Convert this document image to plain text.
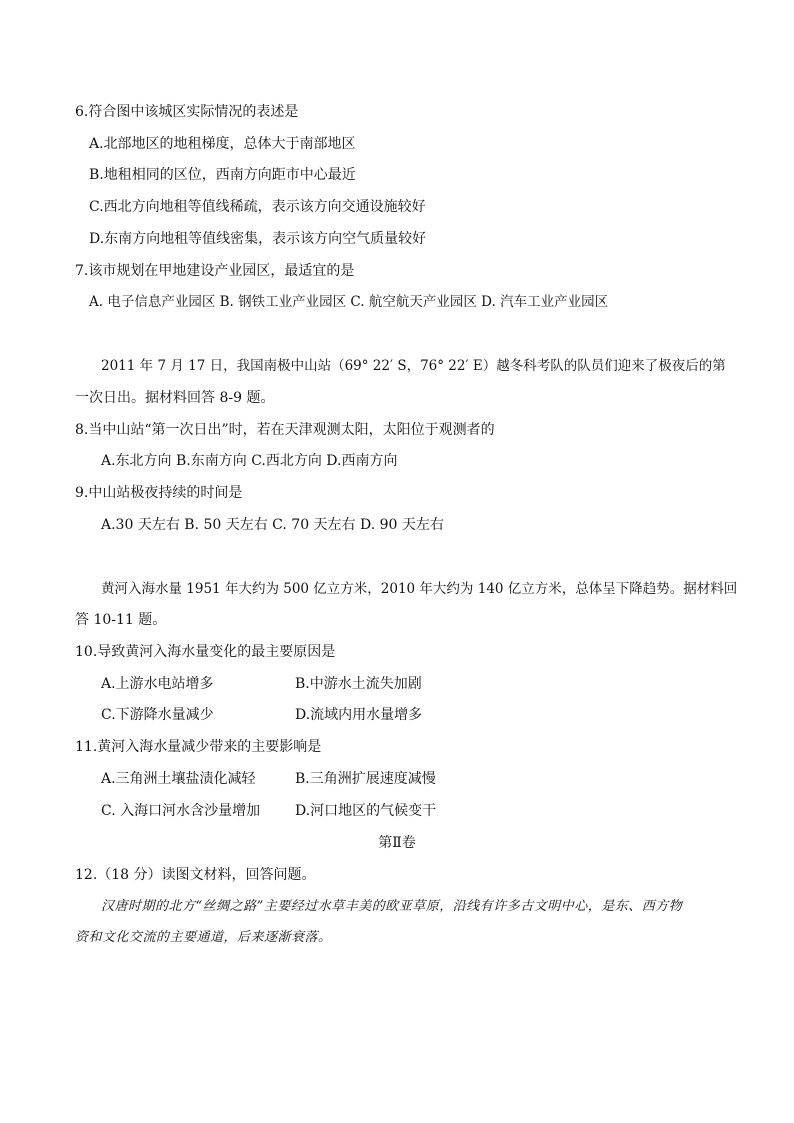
6.符合图中该城区实际情况的表述是
A.北部地区的地租梯度，总体大于南部地区
B.地租相同的区位，西南方向距市中心最近
C.西北方向地租等值线稀疏，表示该方向交通设施较好
D.东南方向地租等值线密集，表示该方向空气质量较好
7.该市规划在甲地建设产业园区，最适宜的是
A. 电子信息产业园区 B. 钢铁工业产业园区 C. 航空航天产业园区 D. 汽车工业产业园区
2011 年 7 月 17 日，我国南极中山站（69° 22′ S，76° 22′ E）越冬科考队的队员们迎来了极夜后的第
一次日出。据材料回答 8-9 题。
8.当中山站“第一次日出”时，若在天津观测太阳，太阳位于观测者的
A.东北方向 B.东南方向 C.西北方向 D.西南方向
9.中山站极夜持续的时间是
A.30 天左右 B. 50 天左右 C. 70 天左右 D. 90 天左右
黄河入海水量 1951 年大约为 500 亿立方米，2010 年大约为 140 亿立方米，总体呈下降趋势。据材料回
答 10-11 题。
10.导致黄河入海水量变化的最主要原因是
A.上游水电站增多	B.中游水土流失加剧
C.下游降水量减少	D.流域内用水量增多
11.黄河入海水量减少带来的主要影响是
A.三角洲土壤盐渍化减轻	B.三角洲扩展速度减慢
C. 入海口河水含沙量增加 D.河口地区的气候变干
第Ⅱ卷
12.（18 分）读图文材料，回答问题。
汉唐时期的北方“丝绸之路”主要经过水草丰美的欧亚草原，沿线有许多古文明中心，是东、西方物
资和文化交流的主要通道，后来逐渐衰落。
